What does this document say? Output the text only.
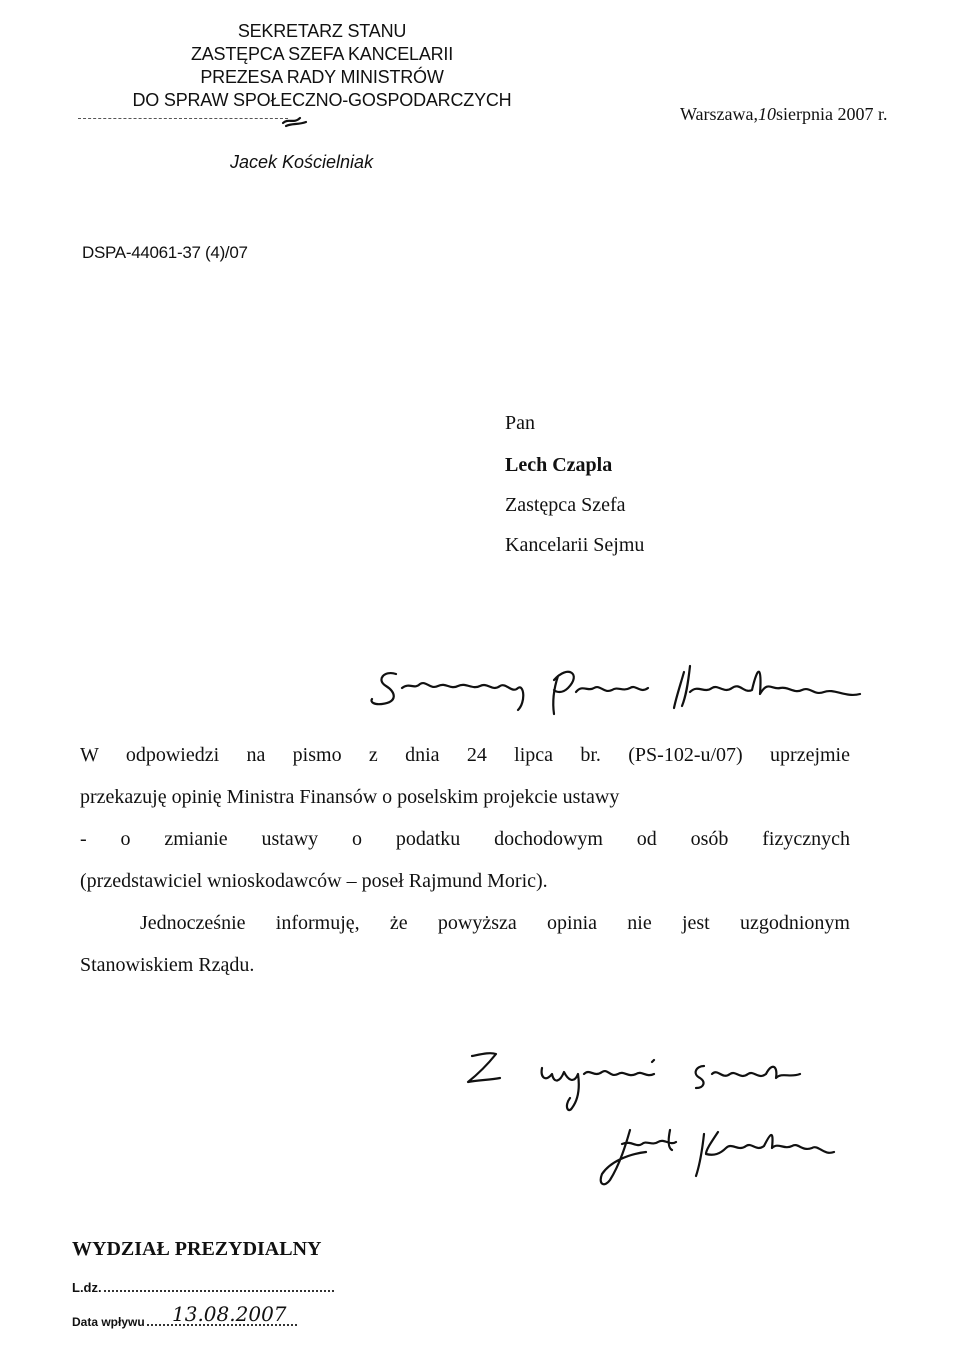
SEKRETARZ STANU
ZASTĘPCA SZEFA KANCELARII
PREZESA RADY MINISTRÓW
DO SPRAW SPOŁECZNO-GOSPODARCZYCH
Jacek Kościelniak
Warszawa,10sierpnia 2007 r.
DSPA-44061-37 (4)/07
Pan
Lech Czapla
Zastępca Szefa
Kancelarii Sejmu
W odpowiedzi na pismo z dnia 24 lipca br. (PS-102-u/07) uprzejmie
przekazuję opinię Ministra Finansów o poselskim projekcie ustawy
- o zmianie ustawy o podatku dochodowym od osób fizycznych
(przedstawiciel wnioskodawców – poseł Rajmund Moric).
Jednocześnie informuję, że powyższa opinia nie jest uzgodnionym
Stanowiskiem Rządu.
WYDZIAŁ PREZYDIALNY
L.dz.
Data wpływu	13.08.2007
